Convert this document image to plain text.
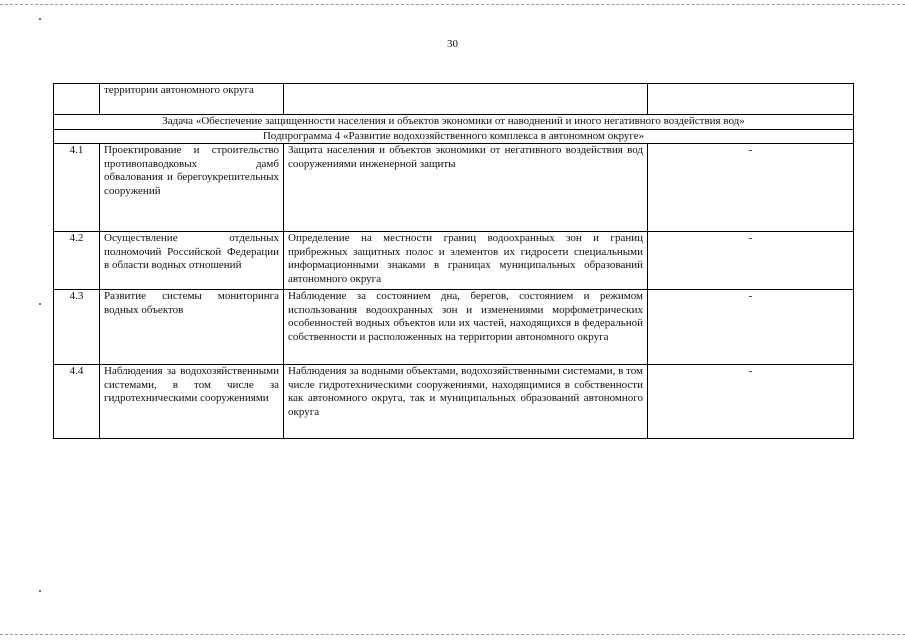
30
	территории автономного округа		
Задача «Обеспечение защищенности населения и объектов экономики от наводнений и иного негативного воздействия вод»			
Подпрограмма 4 «Развитие водохозяйственного комплекса в автономном округе»			
4.1	Проектирование и строительство противопаводковых дамб обвалования и берегоукрепительных сооружений	Защита населения и объектов экономики от негативного воздействия вод сооружениями инженерной защиты	-
4.2	Осуществление отдельных полномочий Российской Федерации в области водных отношений	Определение на местности границ водоохранных зон и границ прибрежных защитных полос и элементов их гидросети специальными информационными знаками в границах муниципальных образований автономного округа	-
4.3	Развитие системы мониторинга водных объектов	Наблюдение за состоянием дна, берегов, состоянием и режимом использования водоохранных зон и изменениями морфометрических особенностей водных объектов или их частей, находящихся в федеральной собственности и расположенных на территории автономного округа	-
4.4	Наблюдения за водохозяйственными системами, в том числе за гидротехническими сооружениями	Наблюдения за водными объектами, водохозяйственными системами, в том числе гидротехническими сооружениями, находящимися в собственности как автономного округа, так и муниципальных образований автономного округа	-
